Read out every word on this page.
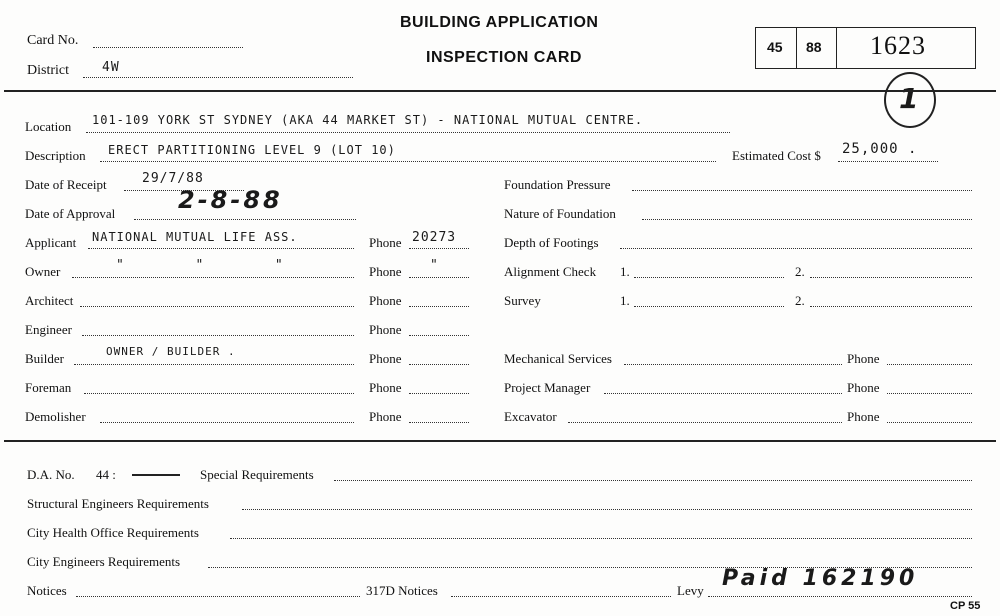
Card No.
District	4W
BUILDING APPLICATION
INSPECTION CARD
45 88 1623
1
Location 101-109 YORK ST SYDNEY (AKA 44 MARKET ST) - NATIONAL MUTUAL CENTRE.
Description ERECT PARTITIONING LEVEL 9 (LOT 10)	Estimated Cost $ 25,000 .
Date of Receipt	29/7/88
Date of Approval	2-8-88
Applicant NATIONAL MUTUAL LIFE ASS.	Phone 20273
Owner	"        "        "	Phone "
Architect	Phone
Engineer	Phone
Builder	OWNER / BUILDER .	Phone
Foreman	Phone
Demolisher	Phone
Foundation Pressure
Nature of Foundation
Depth of Footings
Alignment Check 1.	2.
Survey	1.	2.
Mechanical Services	Phone
Project Manager	Phone
Excavator	Phone
D.A. No. 44 :	Special Requirements
Structural Engineers Requirements
City Health Office Requirements
City Engineers Requirements
Notices	317D Notices	Levy Paid 162190
CP 55
